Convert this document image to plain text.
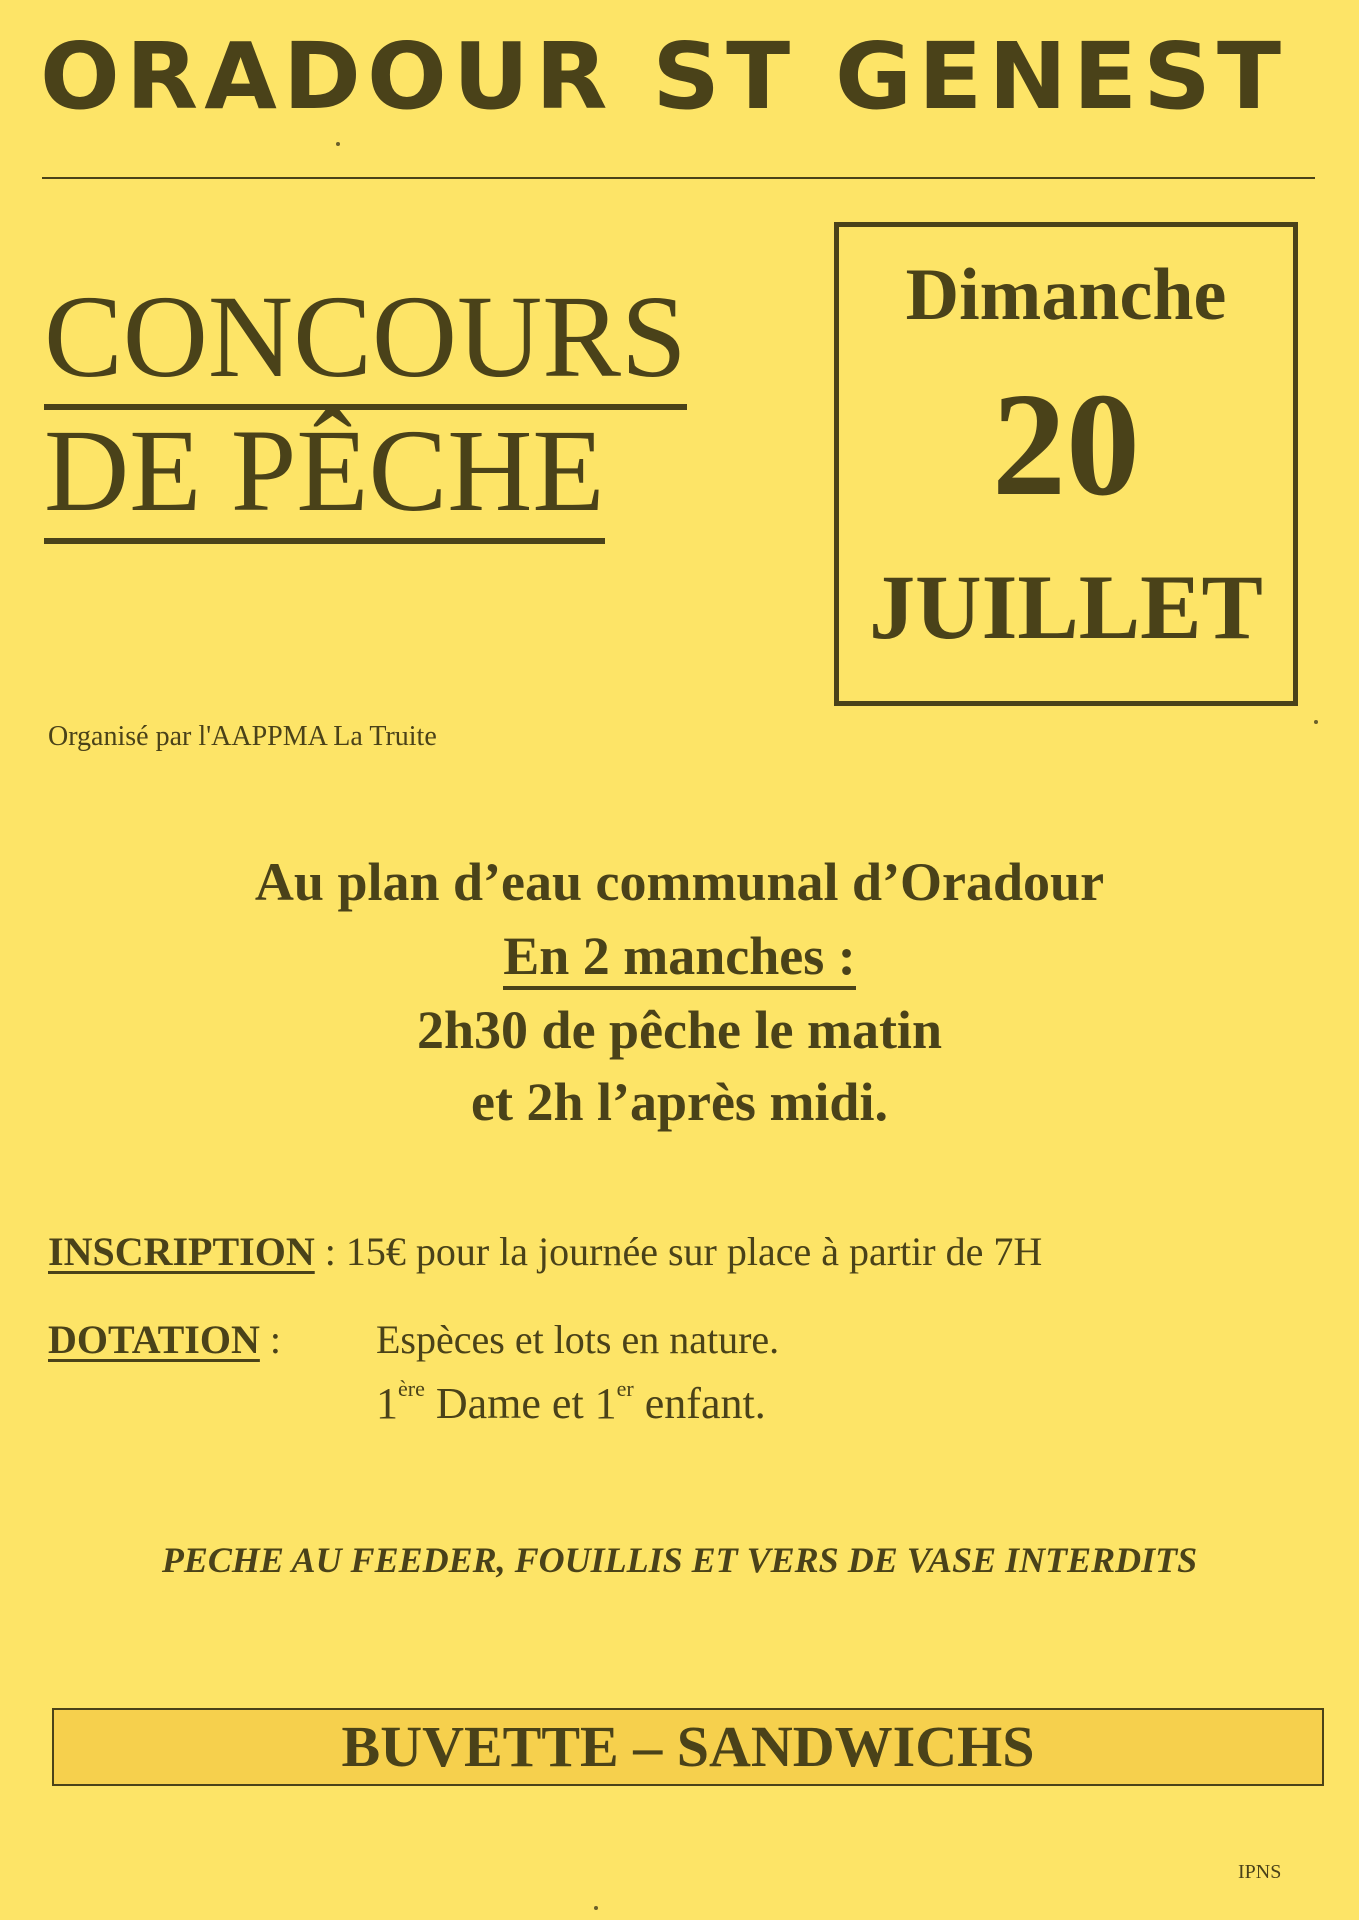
ORADOUR ST GENEST
CONCOURS
DE PÊCHE
Dimanche
20
JUILLET
Organisé par l'AAPPMA La Truite
Au plan d’eau communal d’Oradour
En 2 manches :
2h30 de pêche le matin
et 2h l’après midi.
INSCRIPTION : 15€ pour la journée sur place à partir de 7H
DOTATION : Espèces et lots en nature.
1ère Dame et 1er enfant.
PECHE AU FEEDER, FOUILLIS ET VERS DE VASE INTERDITS
BUVETTE – SANDWICHS
IPNS
